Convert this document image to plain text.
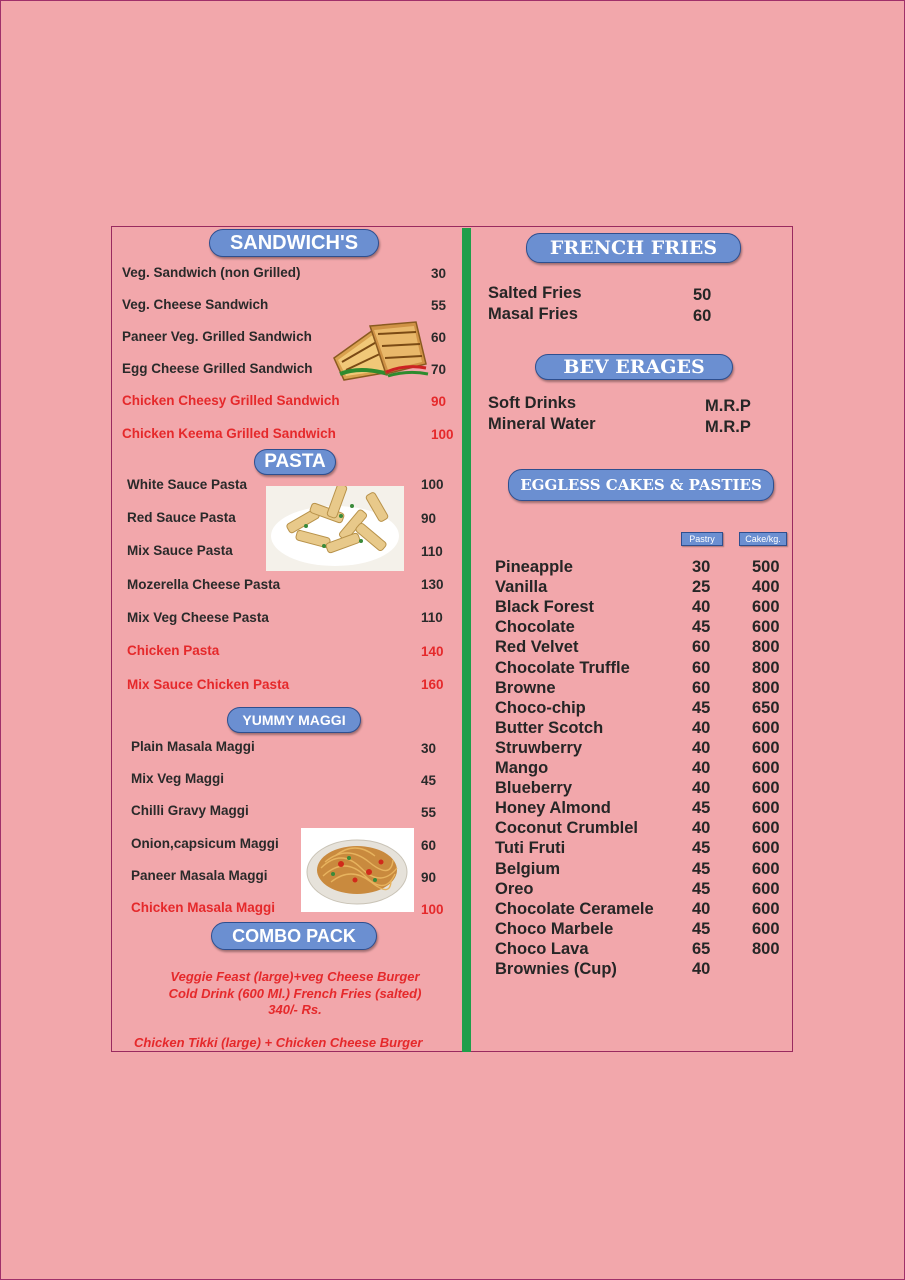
SANDWICH'S
Veg. Sandwich (non Grilled)	30
Veg. Cheese Sandwich	55
Paneer Veg. Grilled Sandwich	60
Egg Cheese Grilled Sandwich	70
Chicken Cheesy Grilled Sandwich	90
Chicken Keema Grilled Sandwich	100
PASTA
White Sauce Pasta	100
Red Sauce Pasta	90
Mix Sauce Pasta	110
Mozerella Cheese Pasta	130
Mix Veg Cheese Pasta	110
Chicken Pasta	140
Mix Sauce Chicken Pasta	160
YUMMY MAGGI
Plain Masala Maggi	30
Mix Veg Maggi	45
Chilli Gravy Maggi	55
Onion,capsicum Maggi	60
Paneer Masala Maggi	90
Chicken Masala Maggi	100
COMBO PACK
Veggie Feast (large)+veg Cheese Burger
Cold Drink (600 Ml.) French Fries (salted)
340/- Rs.
Chicken Tikki (large) + Chicken Cheese Burger
FRENCH FRIES
Salted Fries	50
Masal Fries	60
BEV ERAGES
Soft Drinks	M.R.P
Mineral Water	M.R.P
EGGLESS CAKES & PASTIES
Pastry	Cake/kg.
Pineapple	30	500
Vanilla	25	400
Black Forest	40	600
Chocolate	45	600
Red Velvet	60	800
Chocolate Truffle	60	800
Browne	60	800
Choco-chip	45	650
Butter Scotch	40	600
Struwberry	40	600
Mango	40	600
Blueberry	40	600
Honey Almond	45	600
Coconut Crumblel	40	600
Tuti Fruti	45	600
Belgium	45	600
Oreo	45	600
Chocolate Ceramele 40	600
Choco Marbele	45	600
Choco Lava	65	800
Brownies (Cup)	40
